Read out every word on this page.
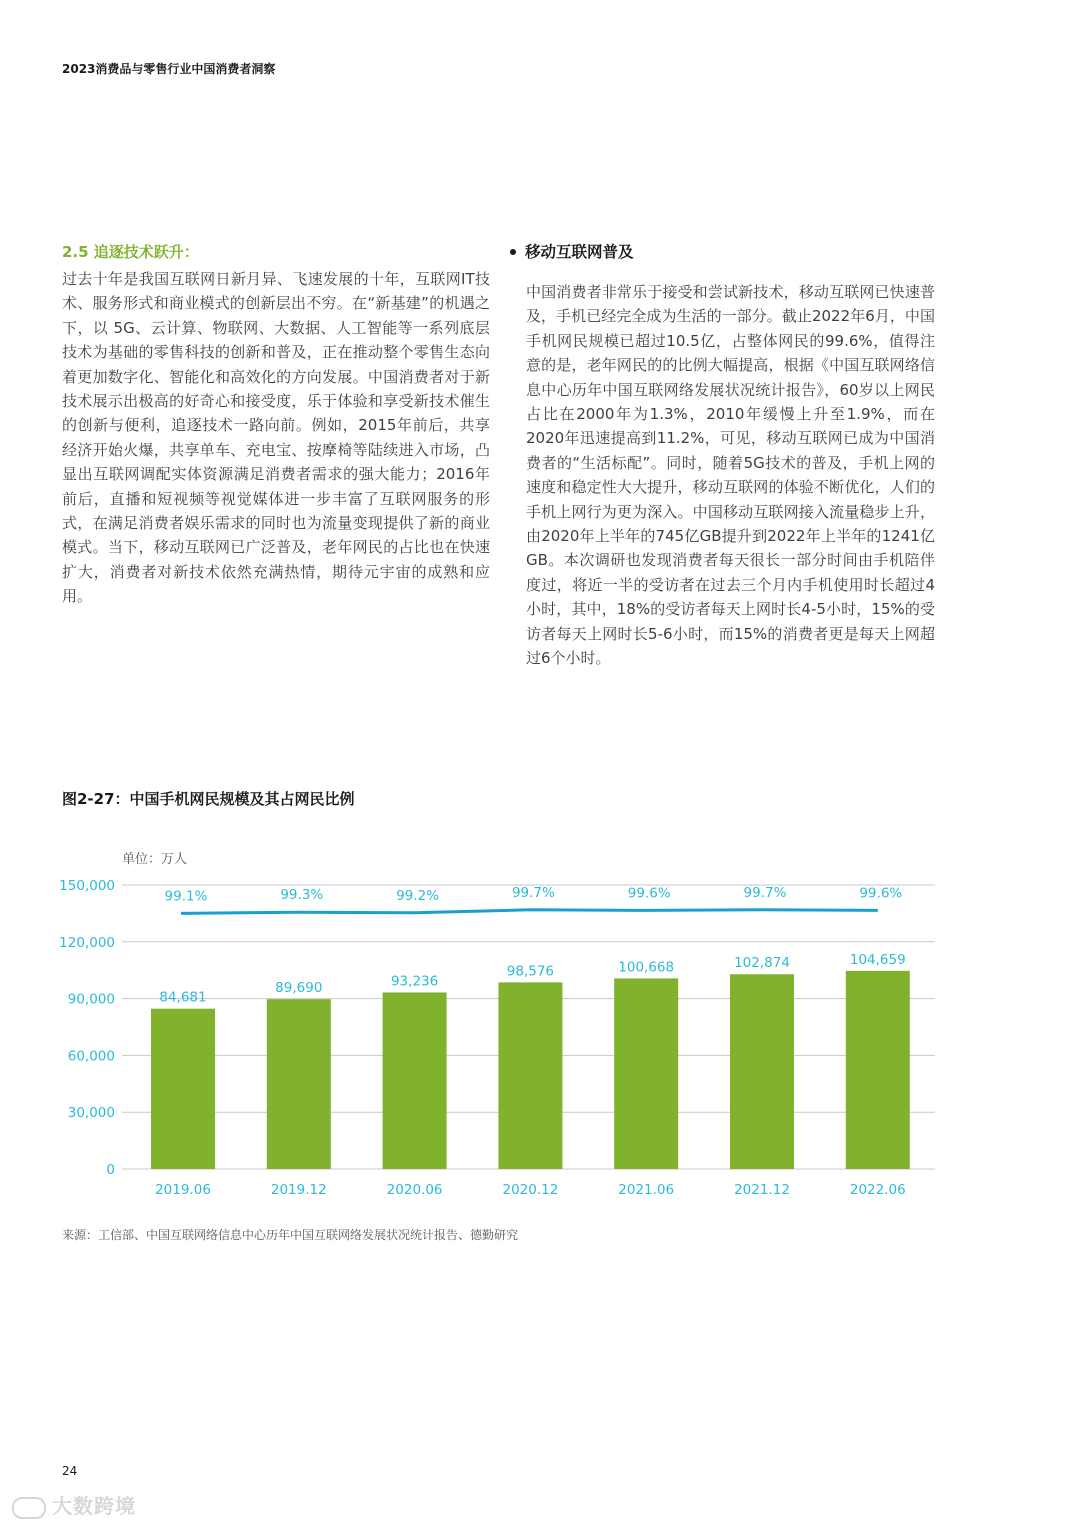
2023消费品与零售行业中国消费者洞察
2.5 追逐技术跃升：

过去十年是我国互联网日新月异、飞速发展的十年，互联网IT技术、服务形式和商业模式的创新层出不穷。在“新基建”的机遇之下，以 5G、云计算、物联网、大数据、人工智能等一系列底层技术为基础的零售科技的创新和普及，正在推动整个零售生态向着更加数字化、智能化和高效化的方向发展。中国消费者对于新技术展示出极高的好奇心和接受度，乐于体验和享受新技术催生的创新与便利，追逐技术一路向前。例如，2015年前后，共享经济开始火爆，共享单车、充电宝、按摩椅等陆续进入市场，凸显出互联网调配实体资源满足消费者需求的强大能力；2016年前后，直播和短视频等视觉媒体进一步丰富了互联网服务的形式，在满足消费者娱乐需求的同时也为流量变现提供了新的商业模式。当下，移动互联网已广泛普及，老年网民的占比也在快速扩大，消费者对新技术依然充满热情，期待元宇宙的成熟和应用。

移动互联网普及

中国消费者非常乐于接受和尝试新技术，移动互联网已快速普及，手机已经完全成为生活的一部分。截止2022年6月，中国手机网民规模已超过10.5亿，占整体网民的99.6%，值得注意的是，老年网民的的比例大幅提高，根据《中国互联网络信息中心历年中国互联网络发展状况统计报告》，60岁以上网民占比在2000年为1.3%，2010年缓慢上升至1.9%，而在2020年迅速提高到11.2%，可见，移动互联网已成为中国消费者的“生活标配”。同时，随着5G技术的普及，手机上网的速度和稳定性大大提升，移动互联网的体验不断优化，人们的手机上网行为更为深入。中国移动互联网接入流量稳步上升，由2020年上半年的745亿GB提升到2022年上半年的1241亿GB。本次调研也发现消费者每天很长一部分时间由手机陪伴度过，将近一半的受访者在过去三个月内手机使用时长超过4小时，其中，18%的受访者每天上网时长4-5小时，15%的受访者每天上网时长5-6小时，而15%的消费者更是每天上网超过6个小时。

图2-27：中国手机网民规模及其占网民比例
单位：万人
150,000
120,000
90,000
60,000
30,000
0
84,681
2019.06
89,690
2019.12
93,236
2020.06
98,576
2020.12
100,668
2021.06
102,874
2021.12
104,659
2022.06
99.1%	99.3%	99.2%	99.7%	99.6%	99.7%	99.6%
来源：工信部、中国互联网络信息中心历年中国互联网络发展状况统计报告、德勤研究
24
大数跨境
